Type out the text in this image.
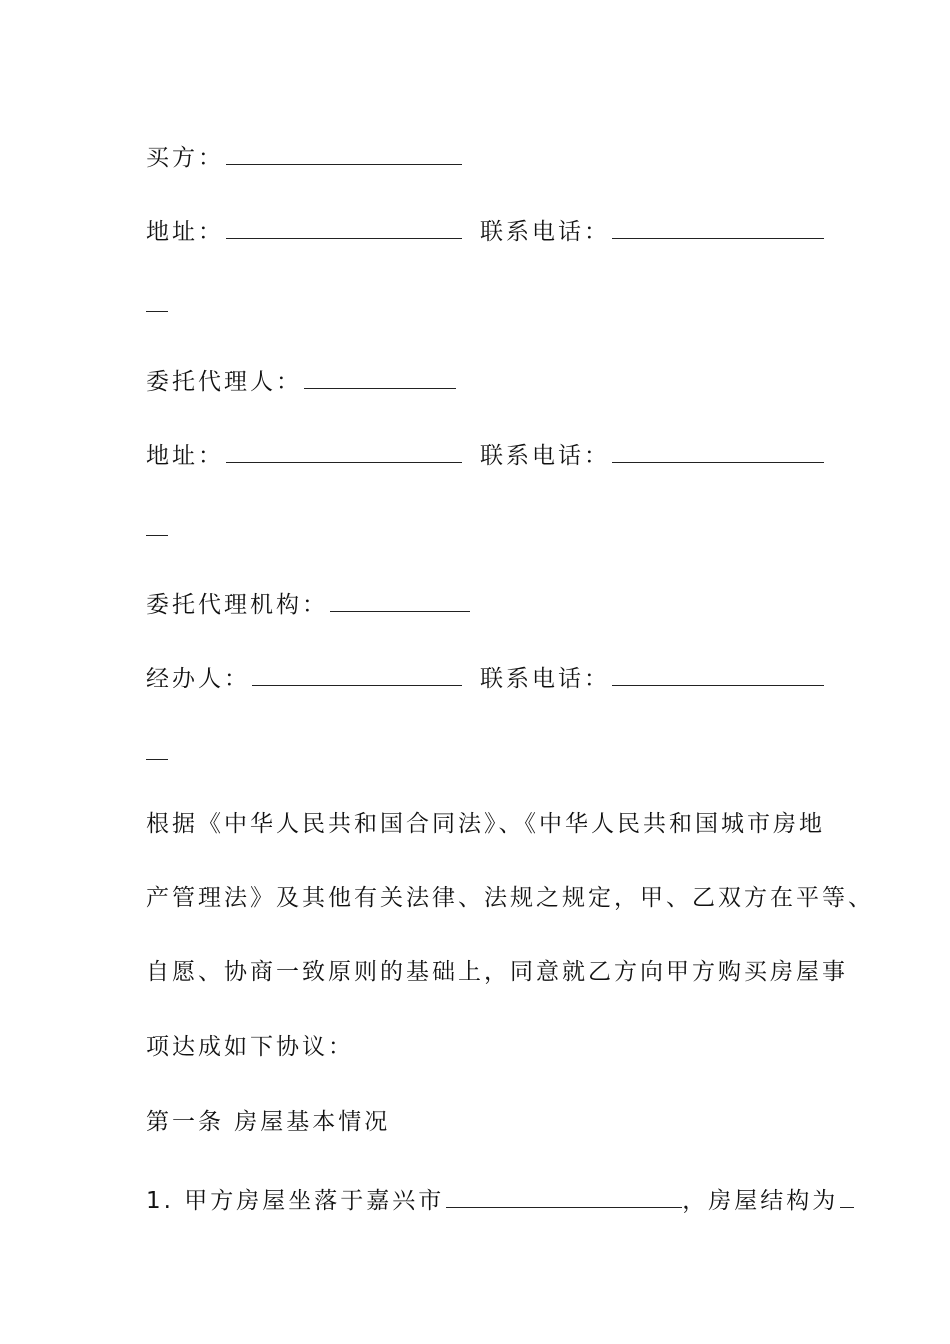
买方：
地址：	联系电话：
委托代理人：
地址：	联系电话：
委托代理机构：
经办人：	联系电话：
根据《中华人民共和国合同法》、《中华人民共和国城市房地
产管理法》及其他有关法律、法规之规定，甲、乙双方在平等、
自愿、协商一致原则的基础上，同意就乙方向甲方购买房屋事
项达成如下协议：
第一条 房屋基本情况
1. 甲方房屋坐落于嘉兴市	，房屋结构为
